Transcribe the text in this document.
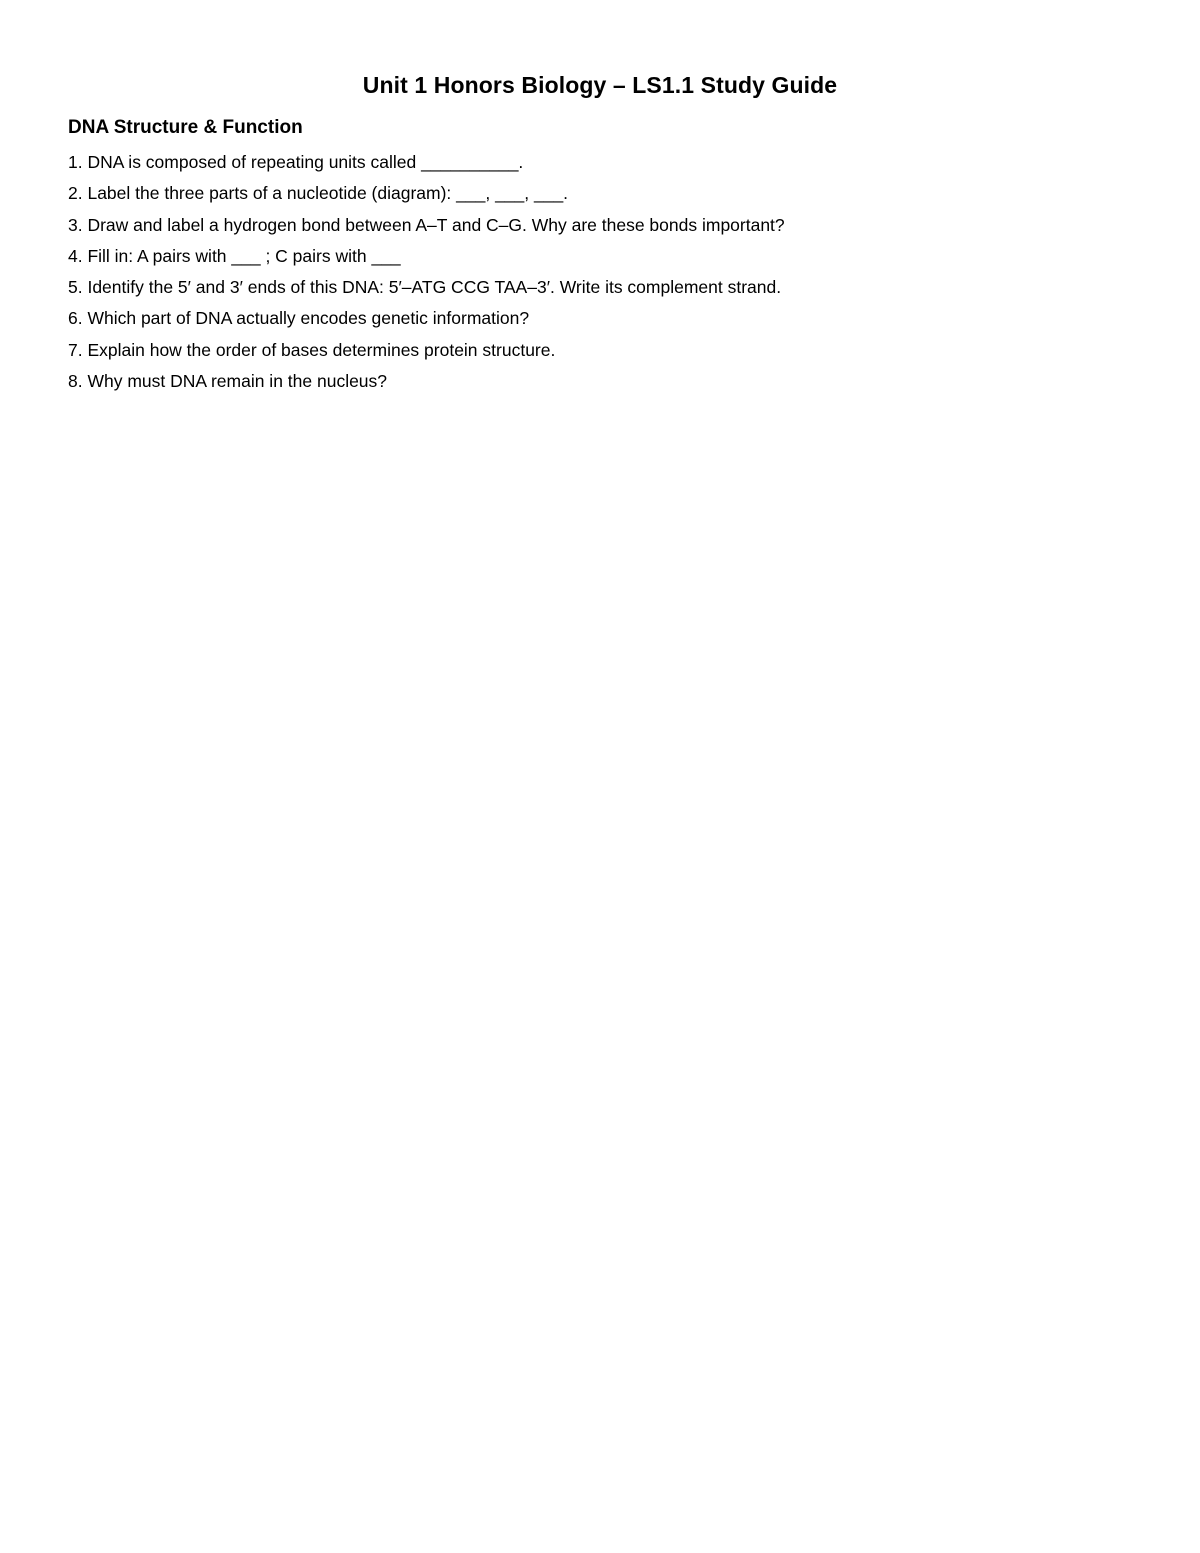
Unit 1 Honors Biology – LS1.1 Study Guide
DNA Structure & Function
1. DNA is composed of repeating units called __________.
2. Label the three parts of a nucleotide (diagram): ___, ___, ___.
3. Draw and label a hydrogen bond between A–T and C–G. Why are these bonds important?
4. Fill in: A pairs with ___ ; C pairs with ___
5. Identify the 5′ and 3′ ends of this DNA: 5′–ATG CCG TAA–3′. Write its complement strand.
6. Which part of DNA actually encodes genetic information?
7. Explain how the order of bases determines protein structure.
8. Why must DNA remain in the nucleus?
